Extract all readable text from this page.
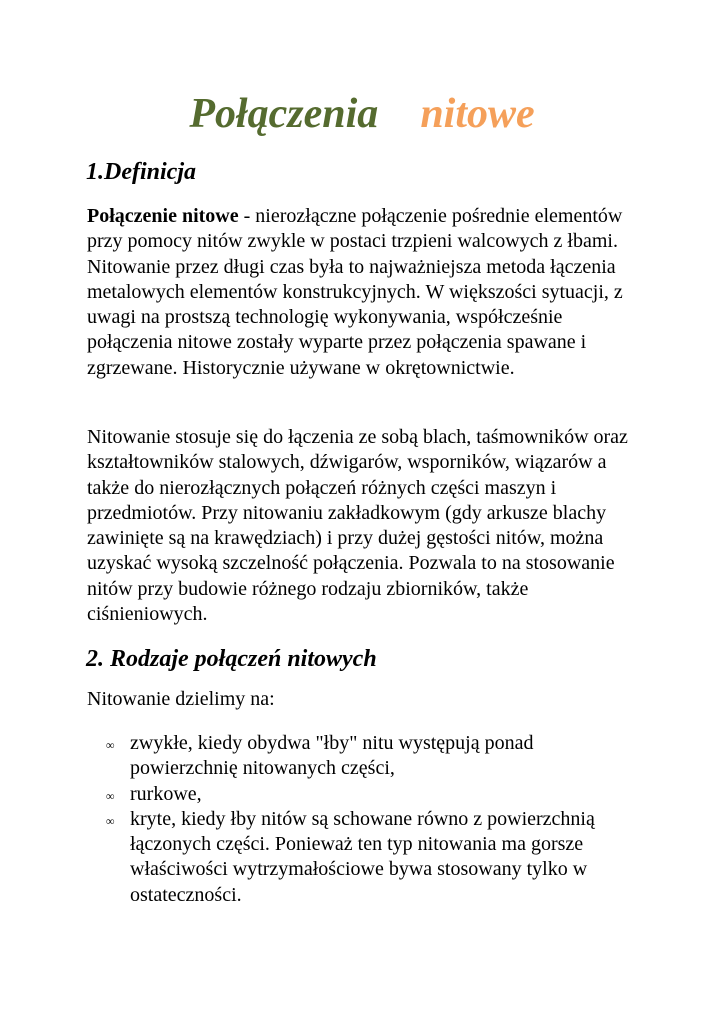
Połączenia nitowe
1.Definicja
Połączenie nitowe - nierozłączne połączenie pośrednie elementów przy pomocy nitów zwykle w postaci trzpieni walcowych z łbami. Nitowanie przez długi czas była to najważniejsza metoda łączenia metalowych elementów konstrukcyjnych. W większości sytuacji, z uwagi na prostszą technologię wykonywania, współcześnie połączenia nitowe zostały wyparte przez połączenia spawane i zgrzewane. Historycznie używane w okrętownictwie.
Nitowanie stosuje się do łączenia ze sobą blach, taśmowników oraz kształtowników stalowych, dźwigarów, wsporników, wiązarów a także do nierozłącznych połączeń różnych części maszyn i przedmiotów. Przy nitowaniu zakładkowym (gdy arkusze blachy zawinięte są na krawędziach) i przy dużej gęstości nitów, można uzyskać wysoką szczelność połączenia. Pozwala to na stosowanie nitów przy budowie różnego rodzaju zbiorników, także ciśnieniowych.
2. Rodzaje połączeń nitowych
Nitowanie dzielimy na:
∞ zwykłe, kiedy obydwa "łby" nitu występują ponad powierzchnię nitowanych części,
∞ rurkowe,
∞ kryte, kiedy łby nitów są schowane równo z powierzchnią łączonych części. Ponieważ ten typ nitowania ma gorsze właściwości wytrzymałościowe bywa stosowany tylko w ostateczności.
